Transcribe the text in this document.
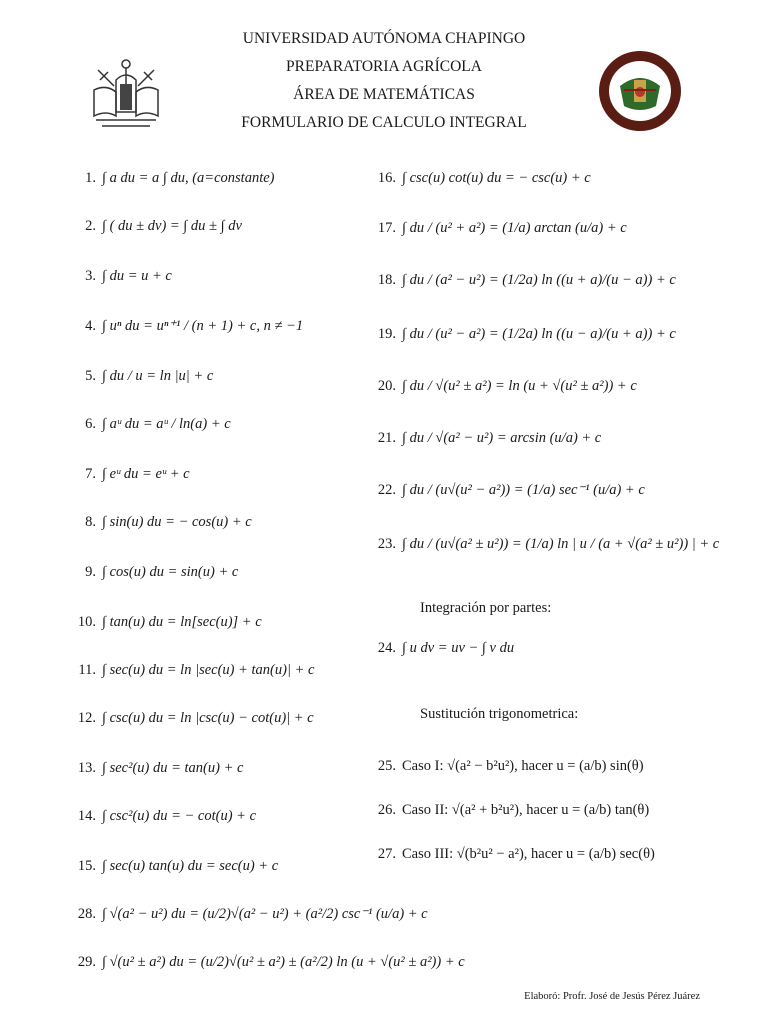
UNIVERSIDAD AUTÓNOMA CHAPINGO
PREPARATORIA AGRÍCOLA
ÁREA DE MATEMÁTICAS
FORMULARIO DE CALCULO INTEGRAL
1. ∫ a du = a ∫ du, (a=constante)
2. ∫ ( du ± dv) = ∫ du ± ∫ dv
3. ∫ du = u + c
4. ∫ uⁿ du = uⁿ⁺¹ / (n + 1) + c, n ≠ −1
5. ∫ du / u = ln |u| + c
6. ∫ aᵘ du = aᵘ / ln(a) + c
7. ∫ eᵘ du = eᵘ + c
8. ∫ sin(u) du = − cos(u) + c
9. ∫ cos(u) du = sin(u) + c
10. ∫ tan(u) du = ln[sec(u)] + c
11. ∫ sec(u) du = ln |sec(u) + tan(u)| + c
12. ∫ csc(u) du = ln |csc(u) − cot(u)| + c
13. ∫ sec²(u) du = tan(u) + c
14. ∫ csc²(u) du = − cot(u) + c
15. ∫ sec(u) tan(u) du = sec(u) + c
16. ∫ csc(u) cot(u) du = − csc(u) + c
17. ∫ du / (u² + a²) = (1/a) arctan (u/a) + c
18. ∫ du / (a² − u²) = (1/2a) ln ((u + a)/(u − a)) + c
19. ∫ du / (u² − a²) = (1/2a) ln ((u − a)/(u + a)) + c
20. ∫ du / √(u² ± a²) = ln (u + √(u² ± a²)) + c
21. ∫ du / √(a² − u²) = arcsin (u/a) + c
22. ∫ du / (u√(u² − a²)) = (1/a) sec⁻¹ (u/a) + c
23. ∫ du / (u√(a² ± u²)) = (1/a) ln | u / (a + √(a² ± u²)) | + c
Integración por partes:
24. ∫ u dv = uv − ∫ v du
Sustitución trigonometrica:
25. Caso I: √(a² − b²u²), hacer u = (a/b) sin(θ)
26. Caso II: √(a² + b²u²), hacer u = (a/b) tan(θ)
27. Caso III: √(b²u² − a²), hacer u = (a/b) sec(θ)
28. ∫ √(a² − u²) du = (u/2)√(a² − u²) + (a²/2) csc⁻¹ (u/a) + c
29. ∫ √(u² ± a²) du = (u/2)√(u² ± a²) ± (a²/2) ln (u + √(u² ± a²)) + c
Elaboró: Profr. José de Jesús Pérez Juárez
